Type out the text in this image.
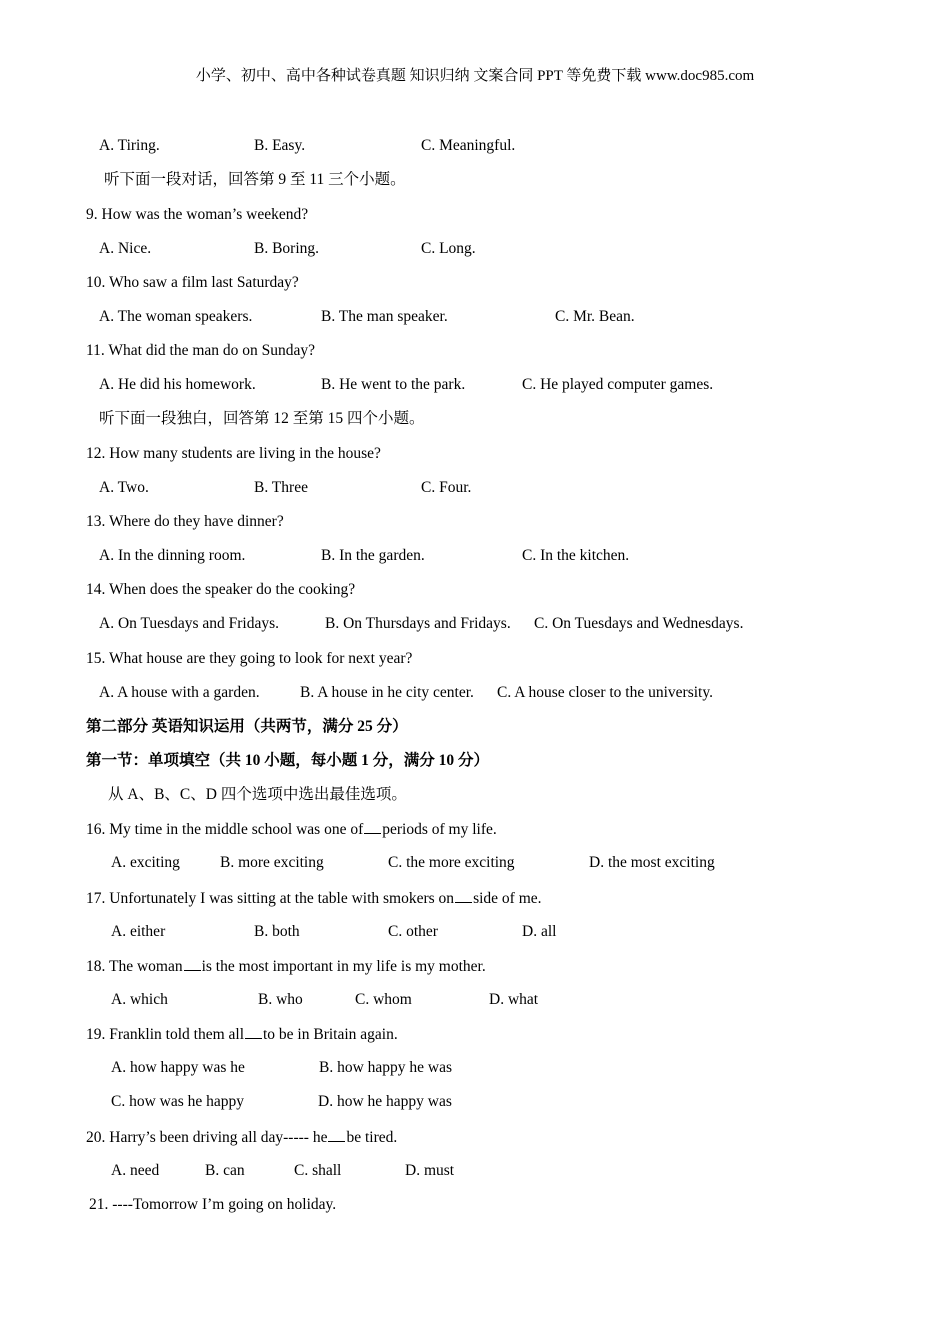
小学、初中、高中各种试卷真题 知识归纳 文案合同 PPT 等免费下载 www.doc985.com
A. Tiring.	B. Easy.	C. Meaningful.
听下面一段对话，回答第 9 至 11 三个小题。
9. How was the woman’s weekend?
A. Nice.	B. Boring.	C. Long.
10. Who saw a film last Saturday?
A. The woman speakers.	B. The man speaker.	C. Mr. Bean.
11. What did the man do on Sunday?
A. He did his homework.	B. He went to the park.	C. He played computer games.
听下面一段独白，回答第 12 至第 15 四个小题。
12. How many students are living in the house?
A. Two.	B. Three	C. Four.
13. Where do they have dinner?
A. In the dinning room.	B. In the garden.	C. In the kitchen.
14. When does the speaker do the cooking?
A. On Tuesdays and Fridays.	B. On Thursdays and Fridays. C. On Tuesdays and Wednesdays.
15. What house are they going to look for next year?
A. A house with a garden.	B. A house in he city center. C. A house closer to the university.
第二部分 英语知识运用（共两节，满分 25 分）
第一节：单项填空（共 10 小题，每小题 1 分，满分 10 分）
从 A、B、C、D 四个选项中选出最佳选项。
16. My time in the middle school was one of periods of my life.
A. exciting	B. more exciting	C. the more exciting	D. the most exciting
17. Unfortunately I was sitting at the table with smokers on side of me.
A. either	B. both	C. other	D. all
18. The woman is the most important in my life is my mother.
A. which	B. who	C. whom	D. what
19. Franklin told them all to be in Britain again.
A. how happy was he	B. how happy he was
C. how was he happy	D. how he happy was
20. Harry’s been driving all day----- he be tired.
A. need	B. can	C. shall	D. must
21. ----Tomorrow I’m going on holiday.
